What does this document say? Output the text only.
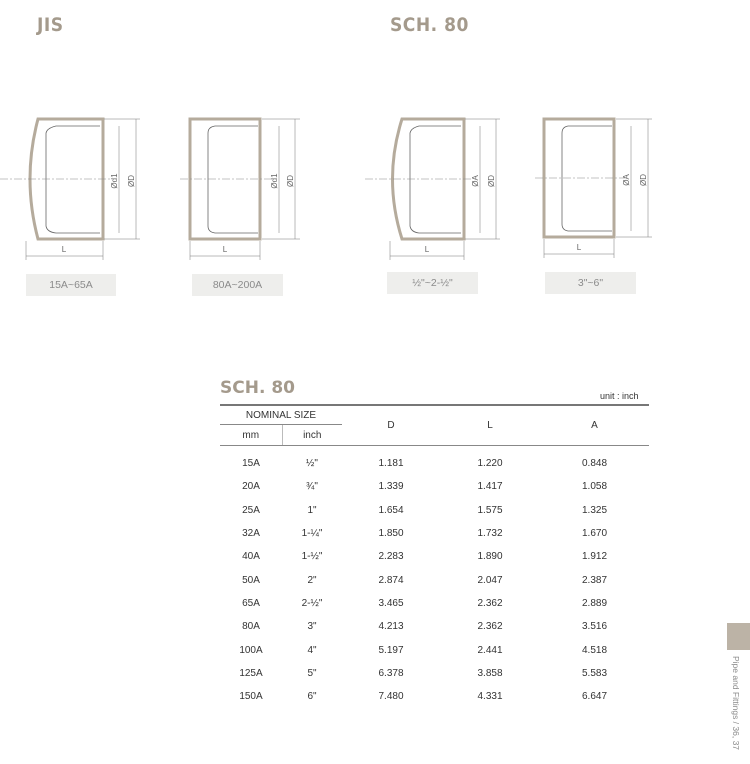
JIS	SCH. 80
Ød1 ØD
L
15A~65A
Ød1 ØD
L
80A~200A
ØA ØD
L
½"~2-½"
ØA ØD
L
3"~6"
SCH. 80	unit : inch
NOMINAL SIZE		D	L	A
mm	inch			
15A	½"	1.181	1.220	0.848
20A	¾"	1.339	1.417	1.058
25A	1"	1.654	1.575	1.325
32A	1-¼"	1.850	1.732	1.670
40A	1-½"	2.283	1.890	1.912
50A	2"	2.874	2.047	2.387
65A	2-½"	3.465	2.362	2.889
80A	3"	4.213	2.362	3.516
100A	4"	5.197	2.441	4.518
125A	5"	6.378	3.858	5.583
150A	6"	7.480	4.331	6.647	Pipe and Fittings / 36, 37
